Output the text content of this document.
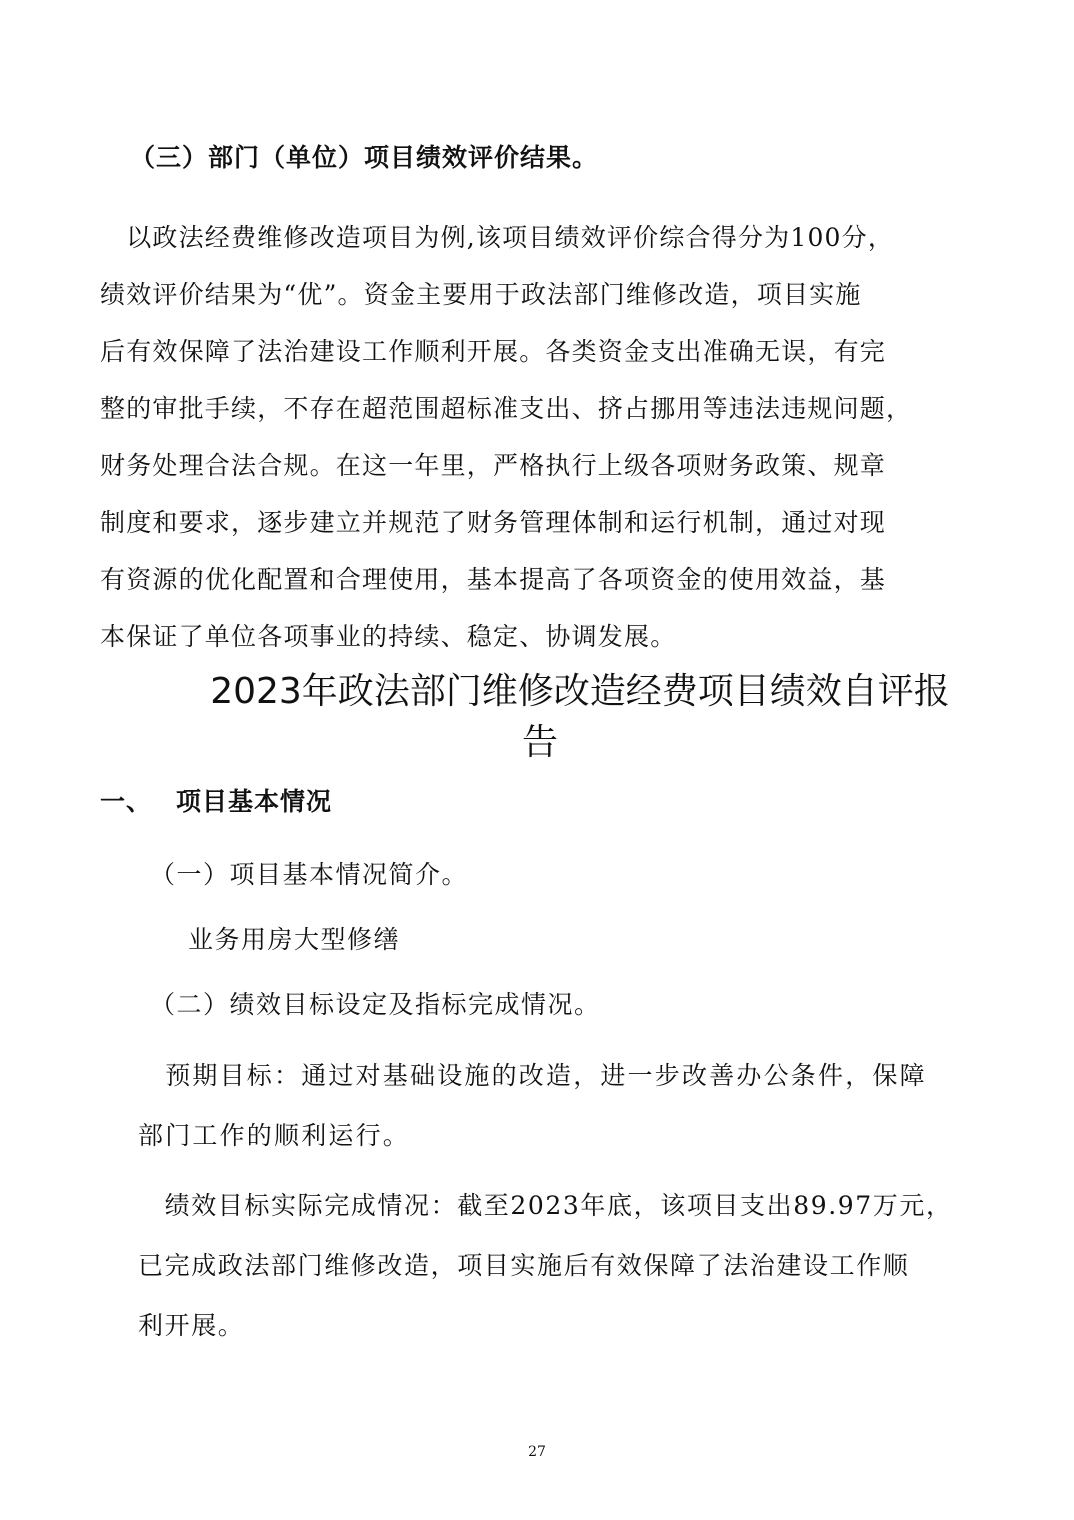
（三）部门（单位）项目绩效评价结果。
　以政法经费维修改造项目为例,该项目绩效评价综合得分为100分，
绩效评价结果为“优”。资金主要用于政法部门维修改造，项目实施
后有效保障了法治建设工作顺利开展。各类资金支出准确无误，有完
整的审批手续，不存在超范围超标准支出、挤占挪用等违法违规问题，
财务处理合法合规。在这一年里，严格执行上级各项财务政策、规章
制度和要求，逐步建立并规范了财务管理体制和运行机制，通过对现
有资源的优化配置和合理使用，基本提高了各项资金的使用效益，基
本保证了单位各项事业的持续、稳定、协调发展。
2023年政法部门维修改造经费项目绩效自评报
告
一、 项目基本情况
（一）项目基本情况简介。
业务用房大型修缮
（二）绩效目标设定及指标完成情况。
　预期目标：通过对基础设施的改造，进一步改善办公条件，保障
部门工作的顺利运行。
　绩效目标实际完成情况：截至2023年底，该项目支出89.97万元，
已完成政法部门维修改造，项目实施后有效保障了法治建设工作顺
利开展。
27
